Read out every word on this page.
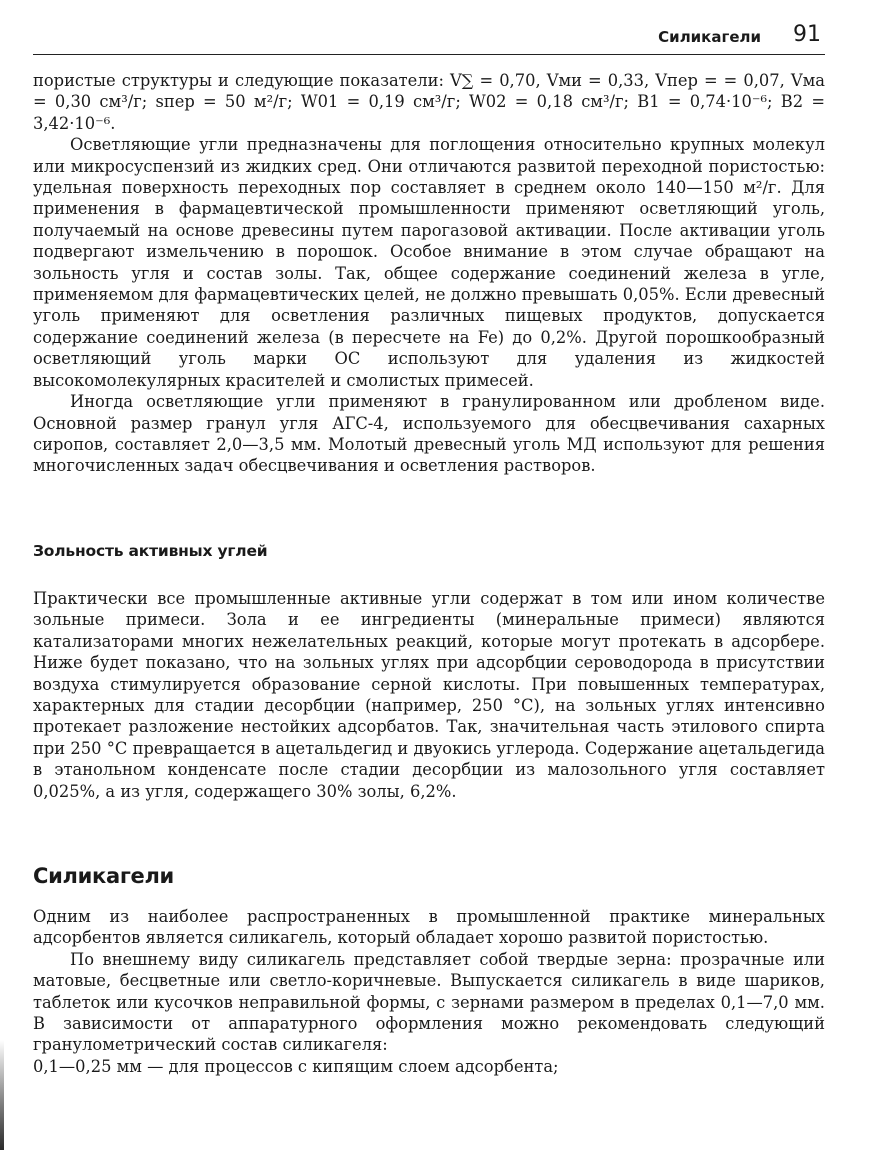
Силикагели 91

пористые структуры и следующие показатели: V∑ = 0,70, Vми = 0,33, Vпер = = 0,07, Vма = 0,30 см³/г; sпер = 50 м²/г; W01 = 0,19 см³/г; W02 = 0,18 см³/г; B1 = 0,74·10⁻⁶; B2 = 3,42·10⁻⁶.

Осветляющие угли предназначены для поглощения относительно крупных молекул или микросуспензий из жидких сред. Они отличаются развитой переходной пористостью: удельная поверхность переходных пор составляет в среднем около 140—150 м²/г. Для применения в фармацевтической промышленности применяют осветляющий уголь, получаемый на основе древесины путем парогазовой активации. После активации уголь подвергают измельчению в порошок. Особое внимание в этом случае обращают на зольность угля и состав золы. Так, общее содержание соединений железа в угле, применяемом для фармацевтических целей, не должно превышать 0,05%. Если древесный уголь применяют для осветления различных пищевых продуктов, допускается содержание соединений железа (в пересчете на Fe) до 0,2%. Другой порошкообразный осветляющий уголь марки ОС используют для удаления из жидкостей высокомолекулярных красителей и смолистых примесей.

Иногда осветляющие угли применяют в гранулированном или дробленом виде. Основной размер гранул угля АГС-4, используемого для обесцвечивания сахарных сиропов, составляет 2,0—3,5 мм. Молотый древесный уголь МД используют для решения многочисленных задач обесцвечивания и осветления растворов.

Зольность активных углей

Практически все промышленные активные угли содержат в том или ином количестве зольные примеси. Зола и ее ингредиенты (минеральные примеси) являются катализаторами многих нежелательных реакций, которые могут протекать в адсорбере. Ниже будет показано, что на зольных углях при адсорбции сероводорода в присутствии воздуха стимулируется образование серной кислоты. При повышенных температурах, характерных для стадии десорбции (например, 250 °С), на зольных углях интенсивно протекает разложение нестойких адсорбатов. Так, значительная часть этилового спирта при 250 °С превращается в ацетальдегид и двуокись углерода. Содержание ацетальдегида в этанольном конденсате после стадии десорбции из малозольного угля составляет 0,025%, а из угля, содержащего 30% золы, 6,2%.

Силикагели

Одним из наиболее распространенных в промышленной практике минеральных адсорбентов является силикагель, который обладает хорошо развитой пористостью.

По внешнему виду силикагель представляет собой твердые зерна: прозрачные или матовые, бесцветные или светло-коричневые. Выпускается силикагель в виде шариков, таблеток или кусочков неправильной формы, с зернами размером в пределах 0,1—7,0 мм. В зависимости от аппаратурного оформления можно рекомендовать следующий гранулометрический состав силикагеля:

0,1—0,25 мм — для процессов с кипящим слоем адсорбента;
